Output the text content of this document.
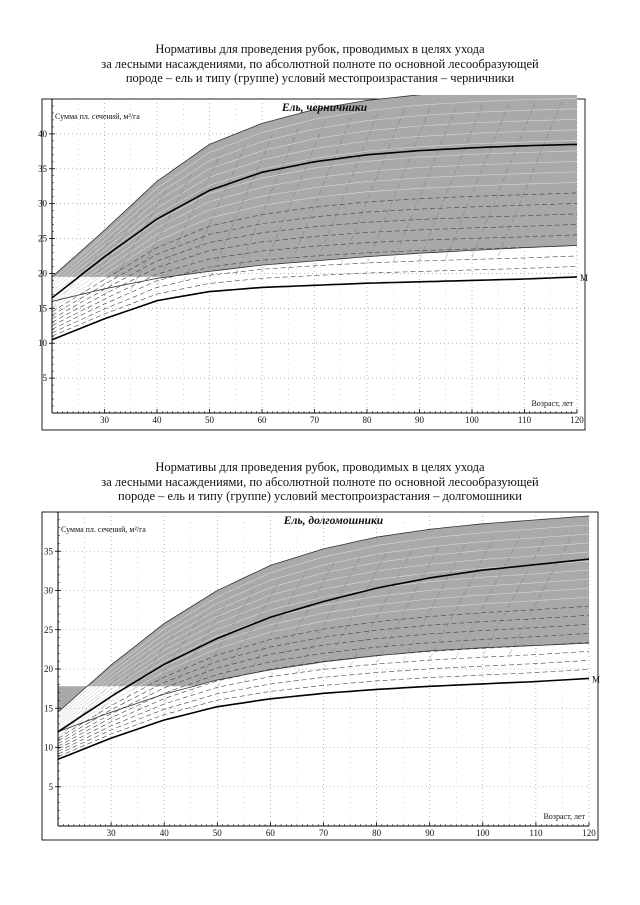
Нормативы для проведения рубок, проводимых в целях ухода
за лесными насаждениями, по абсолютной полноте по основной лесообразующей
породе – ель и типу (группе) условий местопроизрастания – черничники
М
5
10
15
20
25
30
35
40
30	40	50	60	70	80	90	100	110	120
Ель, черничники
Сумма пл. сечений, м²/га
Возраст, лет
Нормативы для проведения рубок, проводимых в целях ухода
за лесными насаждениями, по абсолютной полноте по основной лесообразующей
породе – ель и типу (группе) условий местопроизрастания – долгомошники
М
5
10
15
20
25
30
35
30	40	50	60	70	80	90	100	110	120
Ель, долгомошники
Сумма пл. сечений, м²/га
Возраст, лет
